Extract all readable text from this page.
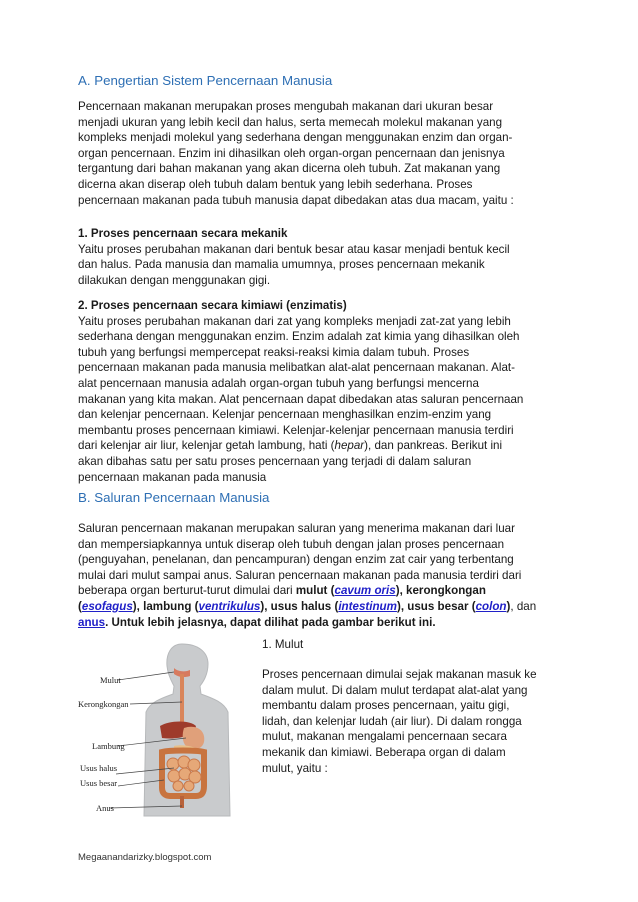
A. Pengertian Sistem Pencernaan Manusia

Pencernaan makanan merupakan proses mengubah makanan dari ukuran besar
menjadi ukuran yang lebih kecil dan halus, serta memecah molekul makanan yang
kompleks menjadi molekul yang sederhana dengan menggunakan enzim dan organ-
organ pencernaan. Enzim ini dihasilkan oleh organ-organ pencernaan dan jenisnya
tergantung dari bahan makanan yang akan dicerna oleh tubuh. Zat makanan yang
dicerna akan diserap oleh tubuh dalam bentuk yang lebih sederhana. Proses
pencernaan makanan pada tubuh manusia dapat dibedakan atas dua macam, yaitu :

1. Proses pencernaan secara mekanik
Yaitu proses perubahan makanan dari bentuk besar atau kasar menjadi bentuk kecil
dan halus. Pada manusia dan mamalia umumnya, proses pencernaan mekanik
dilakukan dengan menggunakan gigi.

2. Proses pencernaan secara kimiawi (enzimatis)
Yaitu proses perubahan makanan dari zat yang kompleks menjadi zat-zat yang lebih
sederhana dengan menggunakan enzim. Enzim adalah zat kimia yang dihasilkan oleh
tubuh yang berfungsi mempercepat reaksi-reaksi kimia dalam tubuh. Proses
pencernaan makanan pada manusia melibatkan alat-alat pencernaan makanan. Alat-
alat pencernaan manusia adalah organ-organ tubuh yang berfungsi mencerna
makanan yang kita makan. Alat pencernaan dapat dibedakan atas saluran pencernaan
dan kelenjar pencernaan. Kelenjar pencernaan menghasilkan enzim-enzim yang
membantu proses pencernaan kimiawi. Kelenjar-kelenjar pencernaan manusia terdiri
dari kelenjar air liur, kelenjar getah lambung, hati (hepar), dan pankreas. Berikut ini
akan dibahas satu per satu proses pencernaan yang terjadi di dalam saluran
pencernaan makanan pada manusia

B. Saluran Pencernaan Manusia

Saluran pencernaan makanan merupakan saluran yang menerima makanan dari luar
dan mempersiapkannya untuk diserap oleh tubuh dengan jalan proses pencernaan
(penguyahan, penelanan, dan pencampuran) dengan enzim zat cair yang terbentang
mulai dari mulut sampai anus. Saluran pencernaan makanan pada manusia terdiri dari
beberapa organ berturut-turut dimulai dari mulut (cavum oris), kerongkongan
(esofagus), lambung (ventrikulus), usus halus (intestinum), usus besar (colon), dan
anus. Untuk lebih jelasnya, dapat dilihat pada gambar berikut ini.

Mulut
Kerongkongan
Lambung
Usus halus
Usus besar
Anus

1. Mulut

Proses pencernaan dimulai sejak makanan masuk ke
dalam mulut. Di dalam mulut terdapat alat-alat yang
membantu dalam proses pencernaan, yaitu gigi,
lidah, dan kelenjar ludah (air liur). Di dalam rongga
mulut, makanan mengalami pencernaan secara
mekanik dan kimiawi. Beberapa organ di dalam
mulut, yaitu :

Megaanandarizky.blogspot.com
